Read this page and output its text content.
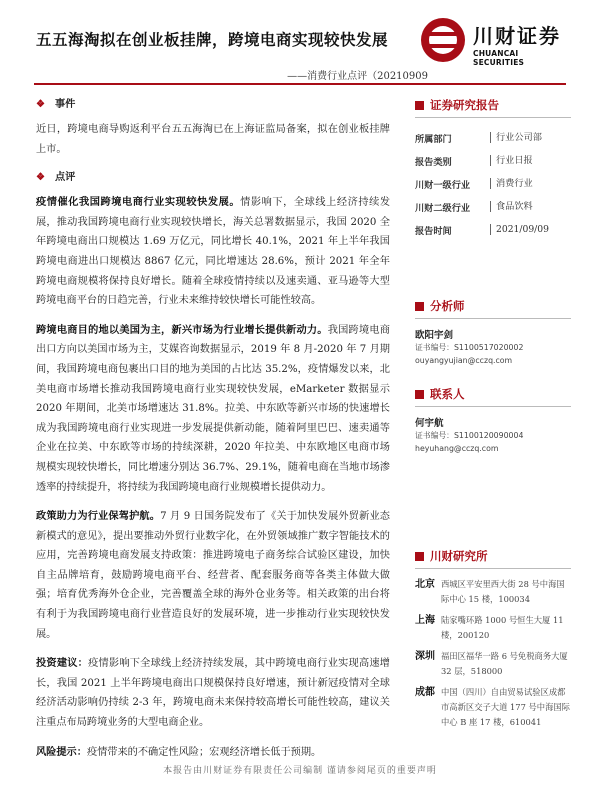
五五海淘拟在创业板挂牌，跨境电商实现较快发展
——消费行业点评（20210909
川财证券
CHUANCAI SECURITIES
❖ 事件
近日，跨境电商导购返利平台五五海淘已在上海证监局备案，拟在创业板挂牌上市。
❖ 点评
疫情催化我国跨境电商行业实现较快发展。情影响下，全球线上经济持续发展，推动我国跨境电商行业实现较快增长，海关总署数据显示，我国 2020 全年跨境电商出口规模达 1.69 万亿元，同比增长 40.1%，2021 年上半年我国跨境电商进出口规模达 8867 亿元，同比增速达 28.6%，预计 2021 年全年跨境电商规模将保持良好增长。随着全球疫情持续以及速卖通、亚马逊等大型跨境电商平台的日趋完善，行业未来维持较快增长可能性较高。
跨境电商目的地以美国为主，新兴市场为行业增长提供新动力。我国跨境电商出口方向以美国市场为主，艾媒咨询数据显示，2019 年 8 月-2020 年 7 月期间，我国跨境电商包裹出口目的地为美国的占比达 35.2%，疫情爆发以来，北美电商市场增长推动我国跨境电商行业实现较快发展，eMarketer 数据显示 2020 年期间，北美市场增速达 31.8%。拉美、中东欧等新兴市场的快速增长成为我国跨境电商行业实现进一步发展提供新动能，随着阿里巴巴、速卖通等企业在拉美、中东欧等市场的持续深耕，2020 年拉美、中东欧地区电商市场规模实现较快增长，同比增速分别达 36.7%、29.1%，随着电商在当地市场渗透率的持续提升，将持续为我国跨境电商行业规模增长提供动力。
政策助力为行业保驾护航。7 月 9 日国务院发布了《关于加快发展外贸新业态新模式的意见》，提出要推动外贸行业数字化，在外贸领域推广数字智能技术的应用，完善跨境电商发展支持政策：推进跨境电子商务综合试验区建设，加快自主品牌培育，鼓励跨境电商平台、经营者、配套服务商等各类主体做大做强；培育优秀海外仓企业，完善覆盖全球的海外仓业务等。相关政策的出台将有利于为我国跨境电商行业营造良好的发展环境，进一步推动行业实现较快发展。
投资建议：疫情影响下全球线上经济持续发展，其中跨境电商行业实现高速增长，我国 2021 上半年跨境电商出口规模保持良好增速，预计新冠疫情对全球经济活动影响仍持续 2-3 年，跨境电商未来保持较高增长可能性较高，建议关注重点布局跨境业务的大型电商企业。
风险提示：疫情带来的不确定性风险；宏观经济增长低于预期。
证券研究报告
所属部门	行业公司部
报告类别	行业日报
川财一级行业	消费行业
川财二级行业	食品饮料
报告时间	2021/09/09
分析师
欧阳宇剑
证书编号：S1100517020002
ouyangyujian@cczq.com
联系人
何宇航
证书编号：S1100120090004
heyuhang@cczq.com
川财研究所
北京 西城区平安里西大街 28 号中海国际中心 15 楼，100034
上海 陆家嘴环路 1000 号恒生大厦 11 楼，200120
深圳 福田区福华一路 6 号免税商务大厦 32 层，518000
成都 中国（四川）自由贸易试验区成都市高新区交子大道 177 号中海国际中心 B 座 17 楼，610041
本报告由川财证券有限责任公司编制 谨请参阅尾页的重要声明
